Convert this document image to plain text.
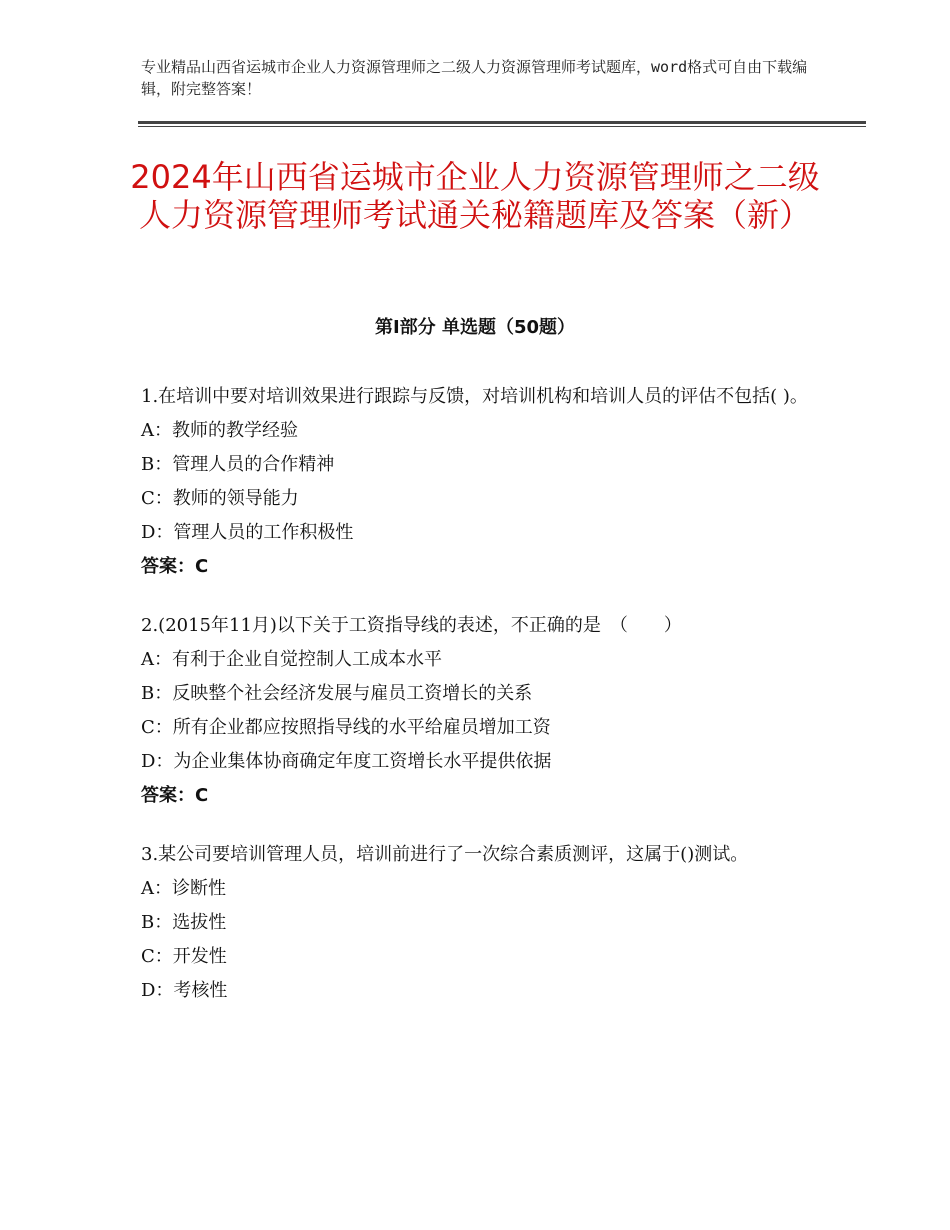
专业精品山西省运城市企业人力资源管理师之二级人力资源管理师考试题库，word格式可自由下载编辑，附完整答案！
2024年山西省运城市企业人力资源管理师之二级人力资源管理师考试通关秘籍题库及答案（新）
第Ⅰ部分 单选题（50题）
1.在培训中要对培训效果进行跟踪与反馈，对培训机构和培训人员的评估不包括( )。
A：教师的教学经验
B：管理人员的合作精神
C：教师的领导能力
D：管理人员的工作积极性
答案：C
2.(2015年11月)以下关于工资指导线的表述，不正确的是　（　　）
A：有利于企业自觉控制人工成本水平
B：反映整个社会经济发展与雇员工资增长的关系
C：所有企业都应按照指导线的水平给雇员增加工资
D：为企业集体协商确定年度工资增长水平提供依据
答案：C
3.某公司要培训管理人员，培训前进行了一次综合素质测评，这属于()测试。
A：诊断性
B：选拔性
C：开发性
D：考核性
